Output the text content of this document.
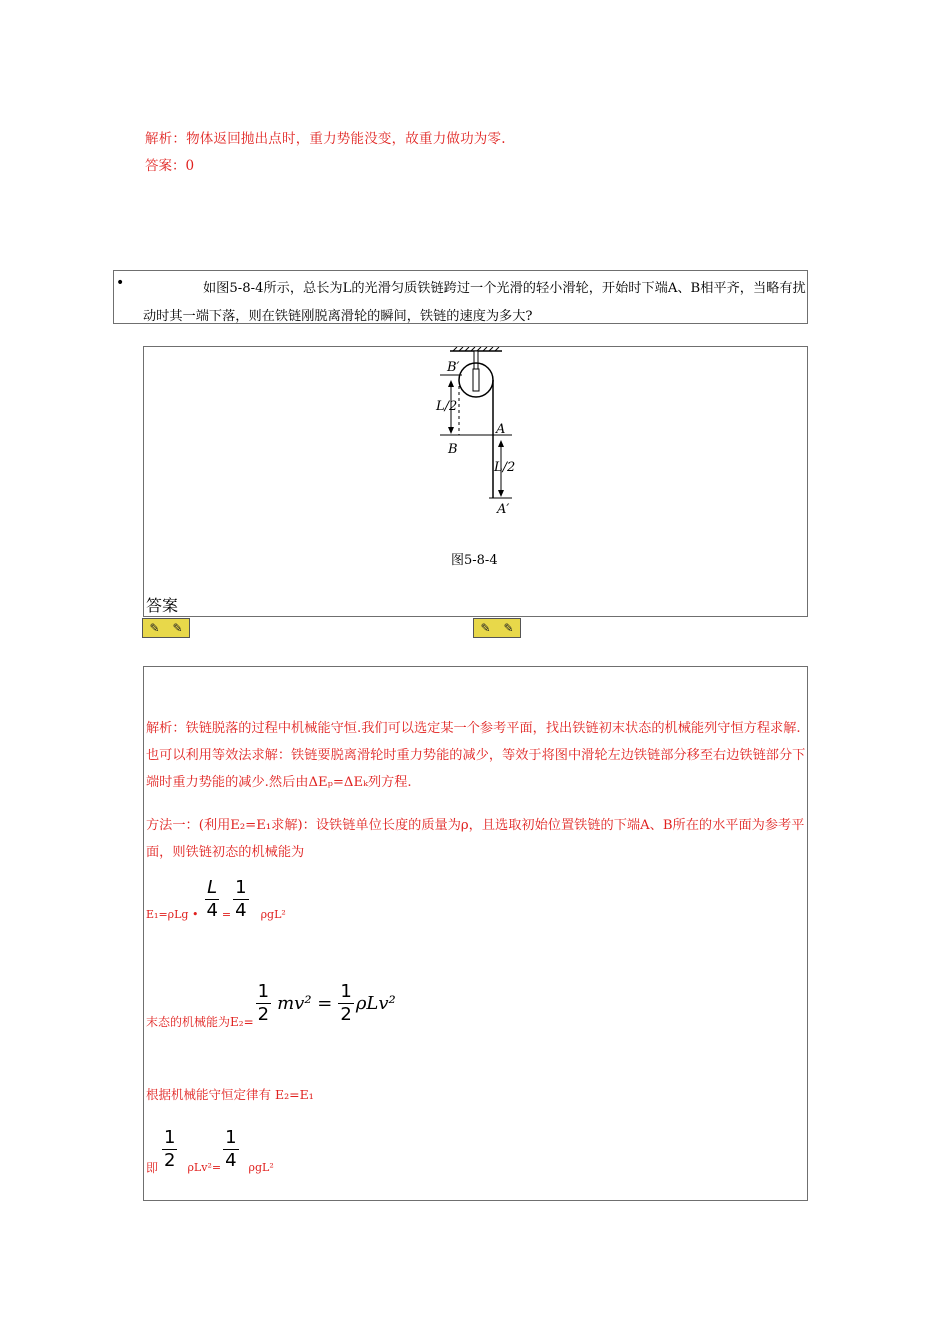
解析：物体返回抛出点时，重力势能没变，故重力做功为零.
答案：0
•	如图5-8-4所示，总长为L的光滑匀质铁链跨过一个光滑的轻小滑轮，开始时下端A、B相平齐，当略有扰动时其一端下落，则在铁链刚脱离滑轮的瞬间，铁链的速度为多大?
B′
L/2
B
A
L/2
A′
图5-8-4
答案
✎	✎	✎	✎
解析：铁链脱落的过程中机械能守恒.我们可以选定某一个参考平面，找出铁链初末状态的机械能列守恒方程求解.也可以利用等效法求解：铁链要脱离滑轮时重力势能的减少，等效于将图中滑轮左边铁链部分移至右边铁链部分下端时重力势能的减少.然后由ΔEₚ=ΔEₖ列方程.
方法一：(利用E₂=E₁求解)：设铁链单位长度的质量为ρ，且选取初始位置铁链的下端A、B所在的水平面为参考平面，则铁链初态的机械能为
E₁=ρLg • $\frac{L}{4} = \frac{1}{4} \rho gL^2$
末态的机械能为$E_2= \frac{1}{2} mv^2 = \frac{1}{2} \rho Lv^2$
根据机械能守恒定律有 E₂=E₁
即 $\frac{1}{2} \rho Lv^2= \frac{1}{4} \rho gL^2$
